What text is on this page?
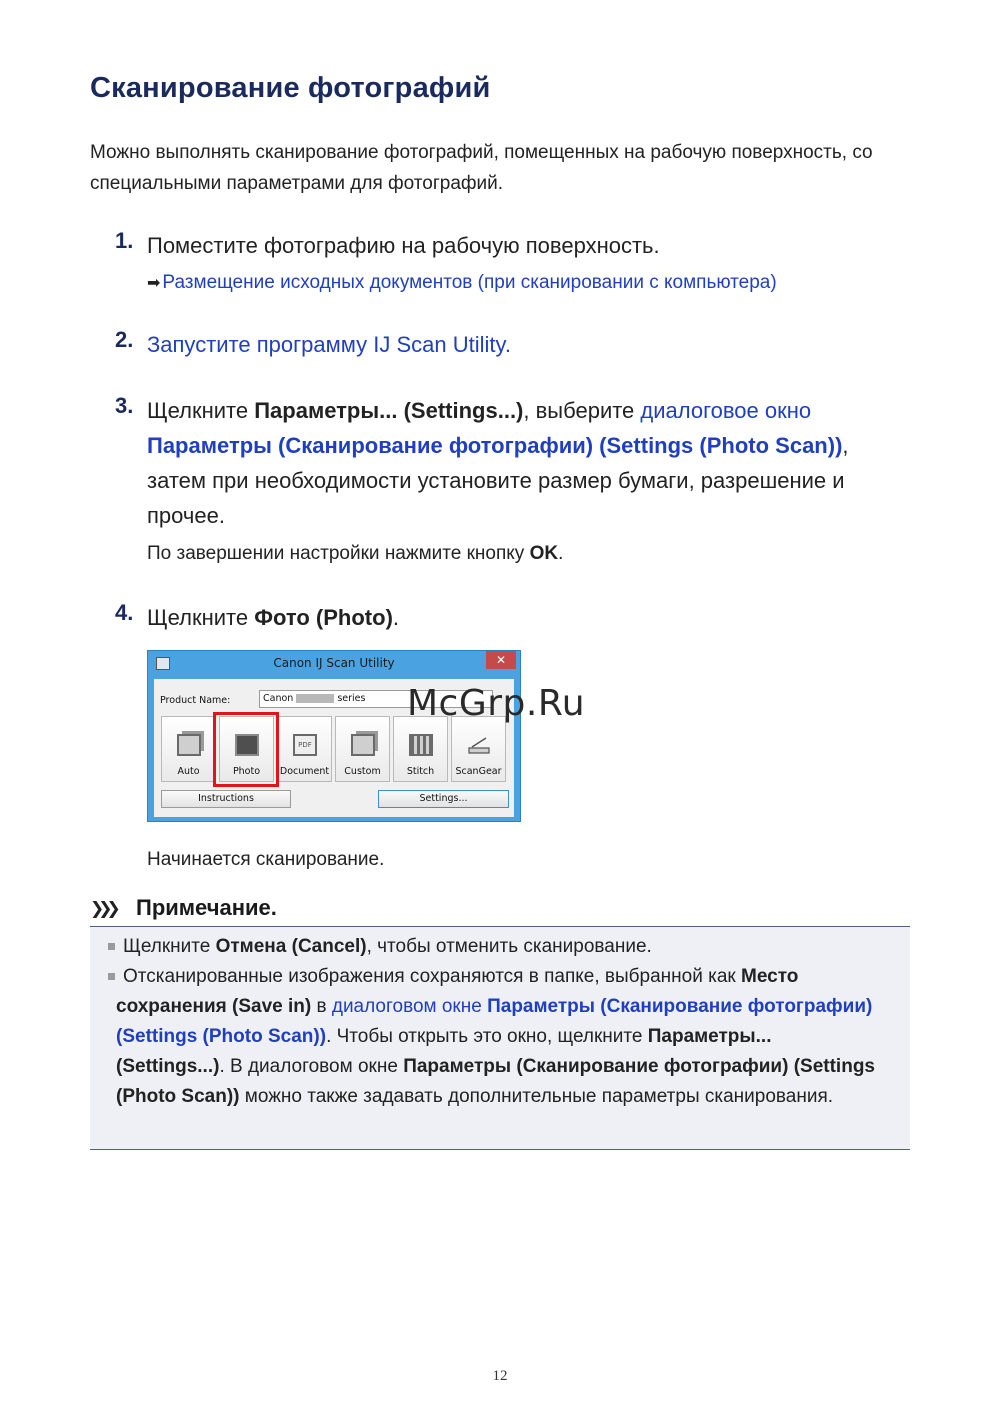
Сканирование фотографий
Можно выполнять сканирование фотографий, помещенных на рабочую поверхность, со специальными параметрами для фотографий.
1. Поместите фотографию на рабочую поверхность.
➡ Размещение исходных документов (при сканировании с компьютера)
2. Запустите программу IJ Scan Utility.
3. Щелкните Параметры... (Settings...), выберите диалоговое окно Параметры (Сканирование фотографии) (Settings (Photo Scan)), затем при необходимости установите размер бумаги, разрешение и прочее.
По завершении настройки нажмите кнопку OK.
4. Щелкните Фото (Photo).
Canon IJ Scan Utility	✕
Product Name:	Canon	series
Auto	Photo
PDF
Document	Custom	Stitch	ScanGear
Instructions	Settings...
McGrp.Ru
Начинается сканирование.
❯❯❯ Примечание.
Щелкните Отмена (Cancel), чтобы отменить сканирование.
Отсканированные изображения сохраняются в папке, выбранной как Место сохранения (Save in) в диалоговом окне Параметры (Сканирование фотографии) (Settings (Photo Scan)). Чтобы открыть это окно, щелкните Параметры... (Settings...). В диалоговом окне Параметры (Сканирование фотографии) (Settings (Photo Scan)) можно также задавать дополнительные параметры сканирования.
12
